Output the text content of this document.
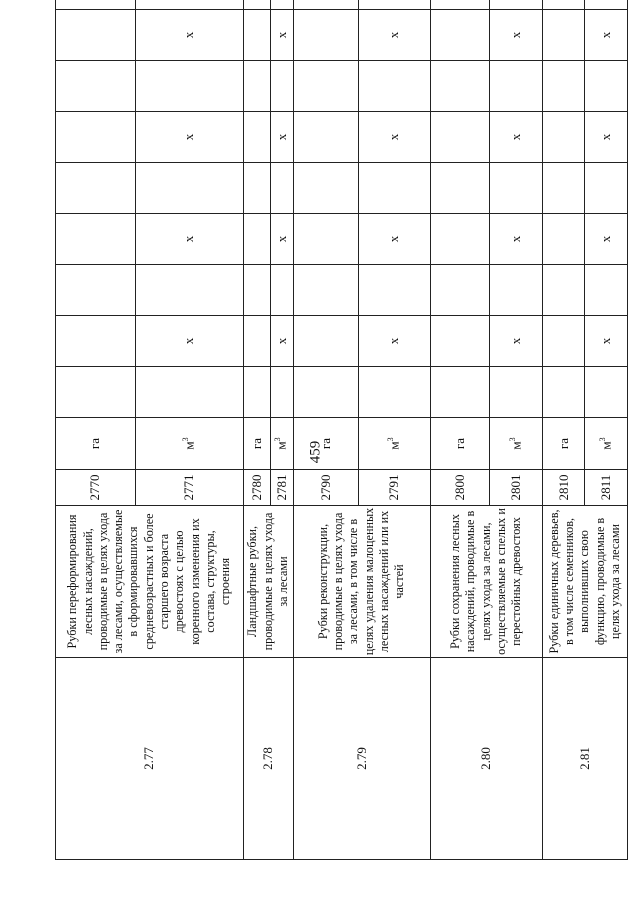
459
2.77	Рубки переформирования лесных насаждений, проводимые в целях ухода за лесами, осуществляемые в сформировавшихся средневозрастных и более старшего возраста древостоях с целью коренного изменения их состава, структуры, строения	2770	га										
		2771	$м^3$		x		x		x		x		
2.78	Ландшафтные рубки, проводимые в целях ухода за лесами	2780	га										
		2781	$м^3$		x		x		x		x		
2.79	Рубки реконструкции, проводимые в целях ухода за лесами, в том числе в целях удаления малоценных лесных насаждений или их частей	2790	га										
		2791	$м^3$		x		x		x		x		
2.80	Рубки сохранения лесных насаждений, проводимые в целях ухода за лесами, осуществляемые в спелых и перестойных древостоях	2800	га										
		2801	$м^3$		x		x		x		x		
2.81	Рубки единичных деревьев, в том числе семенников, выполнивших свою функцию, проводимые в целях ухода за лесами	2810	га										
		2811	$м^3$		x		x		x		x		
